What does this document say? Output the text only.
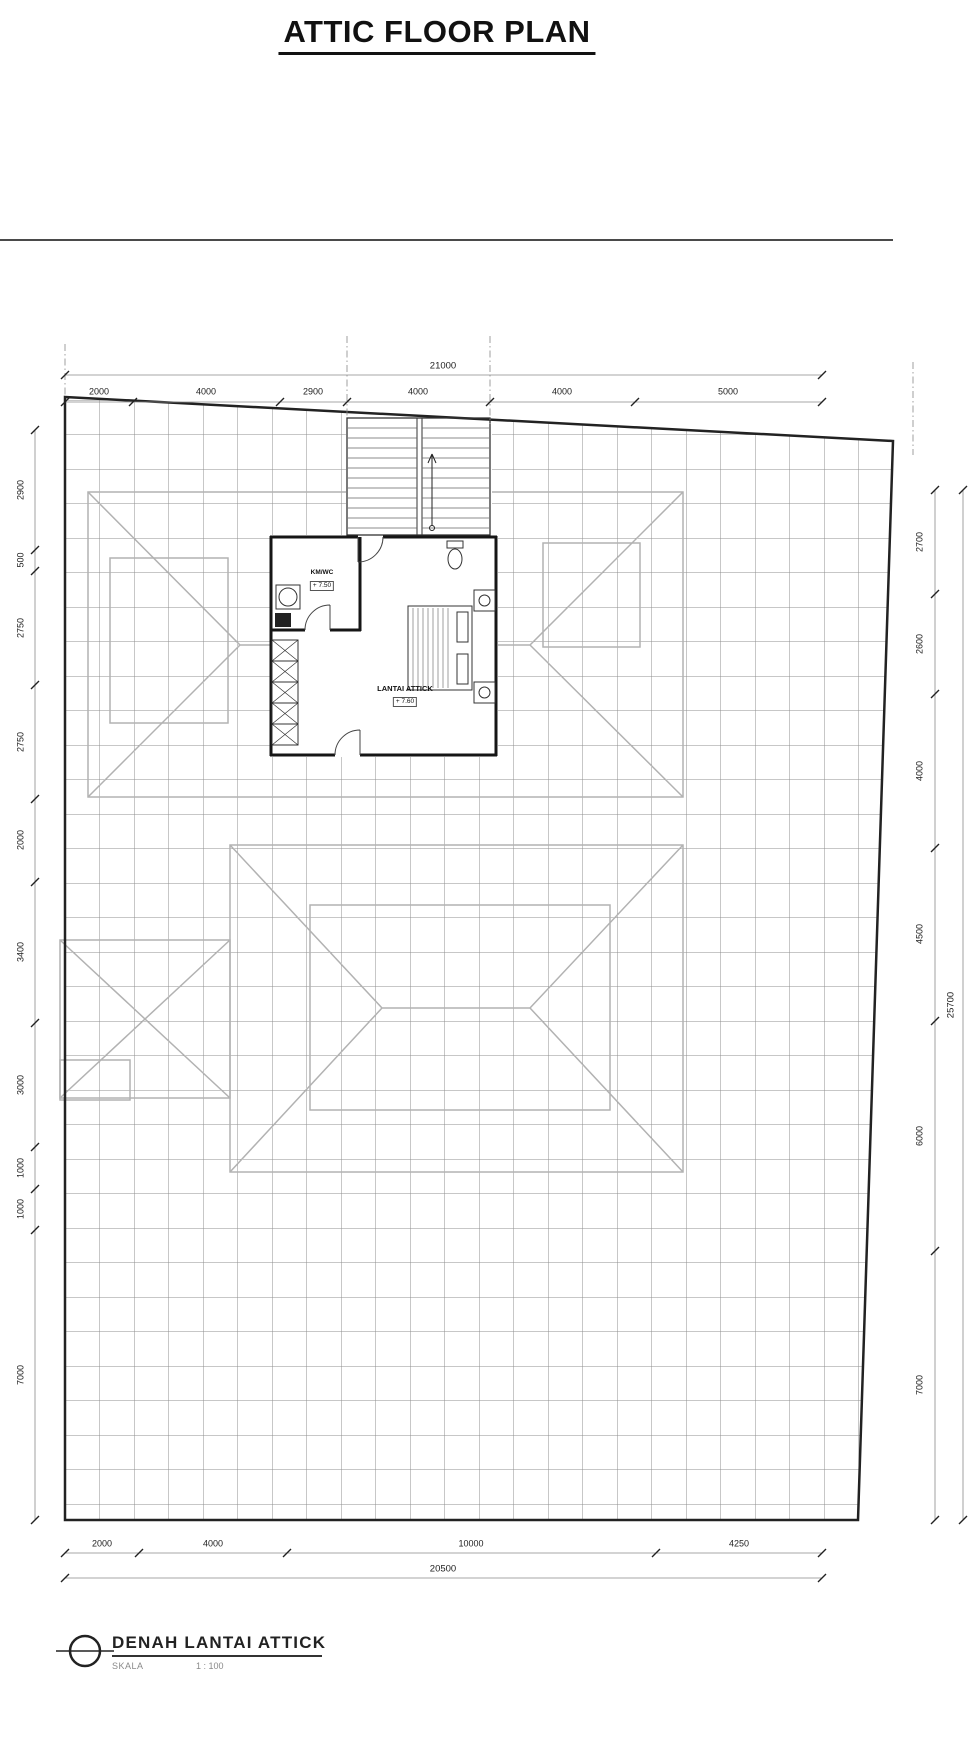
ATTIC FLOOR PLAN
21000
2000	4000	2900	4000	4000	5000
2000	4000	10000	4250
20500
2900
500
2750
2750
2000
3400
3000
1000
1000
7000
2700
2600
4000
4500
6000
7000
25700
KM/WC
+ 7.50
LANTAI ATTICK
+ 7.60
DENAH LANTAI ATTICK
SKALA	1 : 100
